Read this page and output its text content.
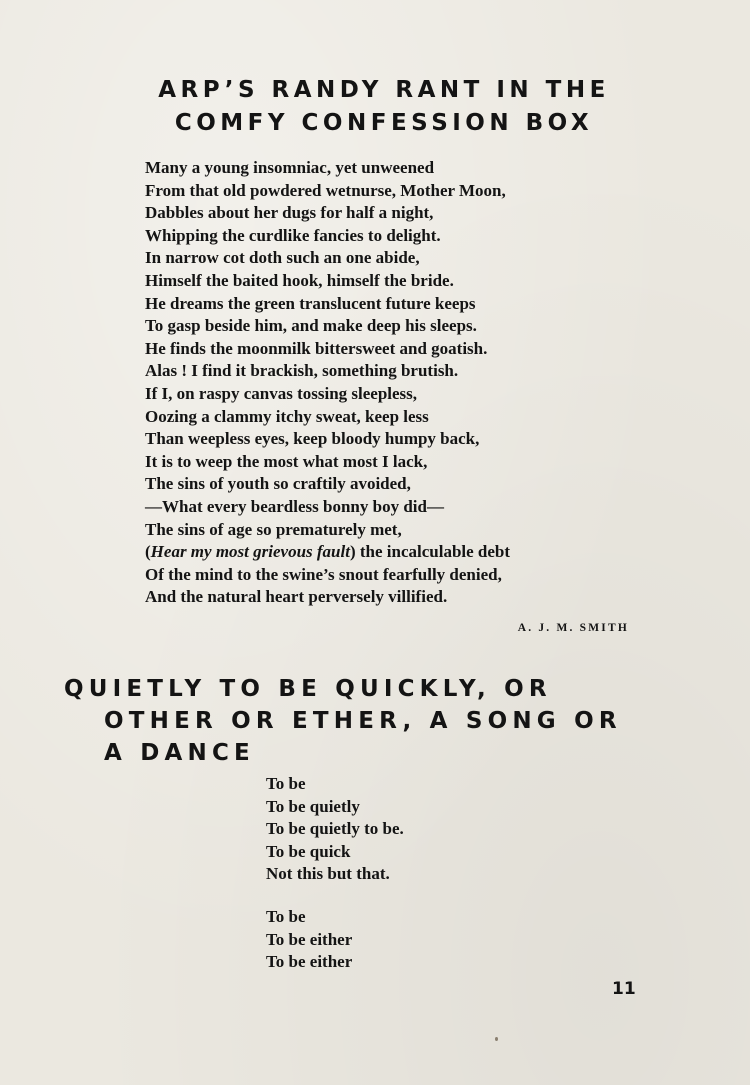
ARP’S RANDY RANT IN THE
COMFY CONFESSION BOX
Many a young insomniac, yet unweened
From that old powdered wetnurse, Mother Moon,
Dabbles about her dugs for half a night,
Whipping the curdlike fancies to delight.
In narrow cot doth such an one abide,
Himself the baited hook, himself the bride.
He dreams the green translucent future keeps
To gasp beside him, and make deep his sleeps.
He finds the moonmilk bittersweet and goatish.
Alas ! I find it brackish, something brutish.
If I, on raspy canvas tossing sleepless,
Oozing a clammy itchy sweat, keep less
Than weepless eyes, keep bloody humpy back,
It is to weep the most what most I lack,
The sins of youth so craftily avoided,
—What every beardless bonny boy did—
The sins of age so prematurely met,
(Hear my most grievous fault) the incalculable debt
Of the mind to the swine’s snout fearfully denied,
And the natural heart perversely villified.
A. J. M. SMITH
QUIETLY TO BE QUICKLY, OR
OTHER OR ETHER, A SONG OR
A DANCE
To be
To be quietly
To be quietly to be.
To be quick
Not this but that.
To be
To be either
To be either
11
